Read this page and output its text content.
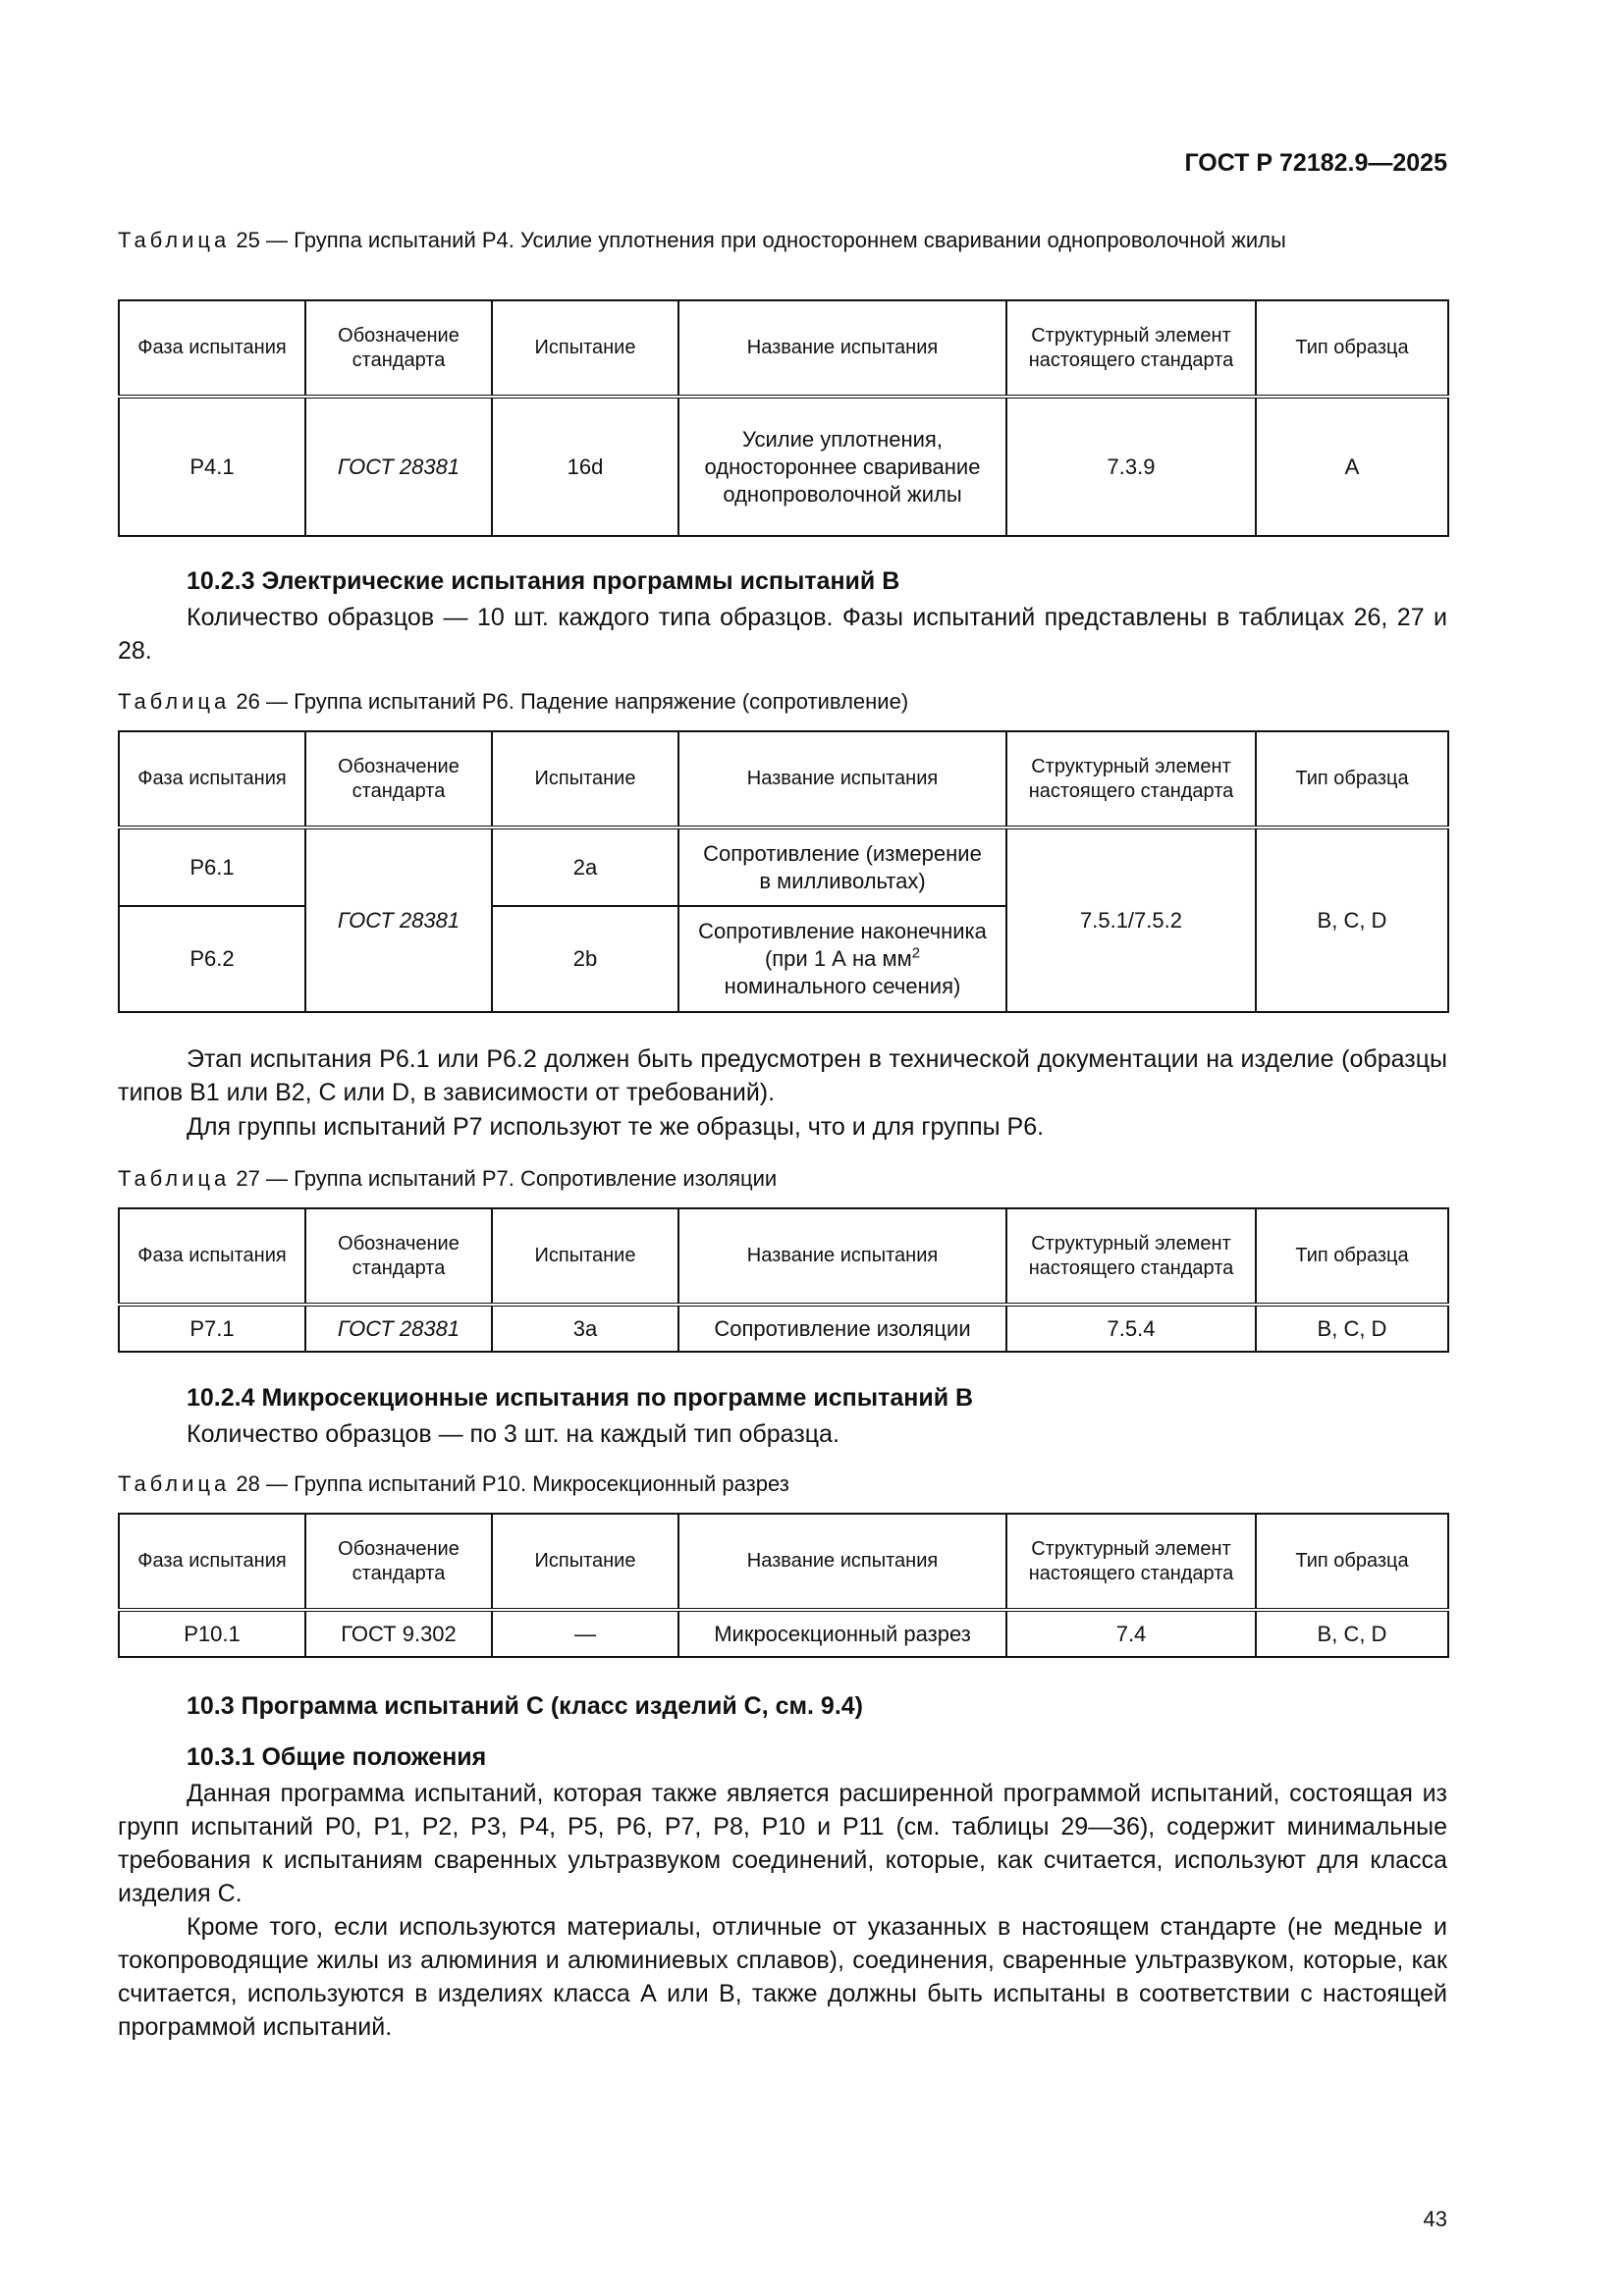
ГОСТ Р 72182.9—2025
Таблица 25 — Группа испытаний Р4. Усилие уплотнения при одностороннем сваривании однопроволочной жилы
Фаза испытания	Обозначение стандарта	Испытание	Название испытания	Структурный элемент настоящего стандарта	Тип образца
Р4.1	ГОСТ 28381	16d	Усилие уплотнения, одностороннее сваривание однопроволочной жилы	7.3.9	А
10.2.3 Электрические испытания программы испытаний В
Количество образцов — 10 шт. каждого типа образцов. Фазы испытаний представлены в таблицах 26, 27 и 28.
Таблица 26 — Группа испытаний Р6. Падение напряжение (сопротивление)
Фаза испытания	Обозначение стандарта	Испытание	Название испытания	Структурный элемент настоящего стандарта	Тип образца
Р6.1	ГОСТ 28381	2а	Сопротивление (измерение в милливольтах)	7.5.1/7.5.2	В, С, D
Р6.2		2b	Сопротивление наконечника (при 1 А на $мм^2$ номинального сечения)		
Этап испытания Р6.1 или Р6.2 должен быть предусмотрен в технической документации на изделие (образцы типов В1 или В2, С или D, в зависимости от требований).
Для группы испытаний Р7 используют те же образцы, что и для группы Р6.
Таблица 27 — Группа испытаний Р7. Сопротивление изоляции
Фаза испытания	Обозначение стандарта	Испытание	Название испытания	Структурный элемент настоящего стандарта	Тип образца
Р7.1	ГОСТ 28381	3а	Сопротивление изоляции	7.5.4	В, С, D
10.2.4 Микросекционные испытания по программе испытаний В
Количество образцов — по 3 шт. на каждый тип образца.
Таблица 28 — Группа испытаний Р10. Микросекционный разрез
Фаза испытания	Обозначение стандарта	Испытание	Название испытания	Структурный элемент настоящего стандарта	Тип образца
Р10.1	ГОСТ 9.302	—	Микросекционный разрез	7.4	В, С, D
10.3 Программа испытаний С (класс изделий С, см. 9.4)
10.3.1 Общие положения
Данная программа испытаний, которая также является расширенной программой испытаний, состоящая из групп испытаний Р0, Р1, Р2, Р3, Р4, Р5, Р6, Р7, Р8, Р10 и Р11 (см. таблицы 29—36), содержит минимальные требования к испытаниям сваренных ультразвуком соединений, которые, как считается, используют для класса изделия С.
Кроме того, если используются материалы, отличные от указанных в настоящем стандарте (не медные и токопроводящие жилы из алюминия и алюминиевых сплавов), соединения, сваренные ультразвуком, которые, как считается, используются в изделиях класса А или В, также должны быть испытаны в соответствии с настоящей программой испытаний.
43
